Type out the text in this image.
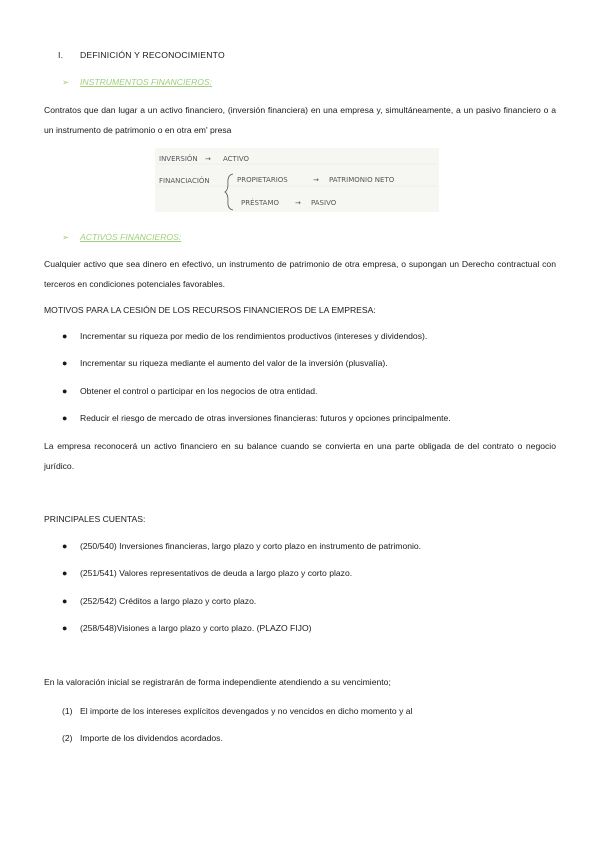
I. DEFINICIÓN Y RECONOCIMIENTO
➢ INSTRUMENTOS FINANCIEROS:
Contratos que dan lugar a un activo financiero, (inversión financiera) en una empresa y, simultáneamente, a un pasivo financiero o a un instrumento de patrimonio o en otra em' presa
INVERSIÓN → ACTIVO
FINANCIACIÓN	PROPIETARIOS	→ PATRIMONIO NETO
PRÉSTAMO → PASIVO
➢ ACTIVOS FINANCIEROS:
Cualquier activo que sea dinero en efectivo, un instrumento de patrimonio de otra empresa, o supongan un Derecho contractual con terceros en condiciones potenciales favorables.
MOTIVOS PARA LA CESIÓN DE LOS RECURSOS FINANCIEROS DE LA EMPRESA:
● Incrementar su riqueza por medio de los rendimientos productivos (intereses y dividendos).
● Incrementar su riqueza mediante el aumento del valor de la inversión (plusvalía).
● Obtener el control o participar en los negocios de otra entidad.
● Reducir el riesgo de mercado de otras inversiones financieras: futuros y opciones principalmente.
La empresa reconocerá un activo financiero en su balance cuando se convierta en una parte obligada de del contrato o negocio jurídico.
PRINCIPALES CUENTAS:
● (250/540) Inversiones financieras, largo plazo y corto plazo en instrumento de patrimonio.
● (251/541) Valores representativos de deuda a largo plazo y corto plazo.
● (252/542) Créditos a largo plazo y corto plazo.
● (258/548)Visiones a largo plazo y corto plazo. (PLAZO FIJO)
En la valoración inicial se registrarán de forma independiente atendiendo a su vencimiento;
(1) El importe de los intereses explícitos devengados y no vencidos en dicho momento y al
(2) Importe de los dividendos acordados.
